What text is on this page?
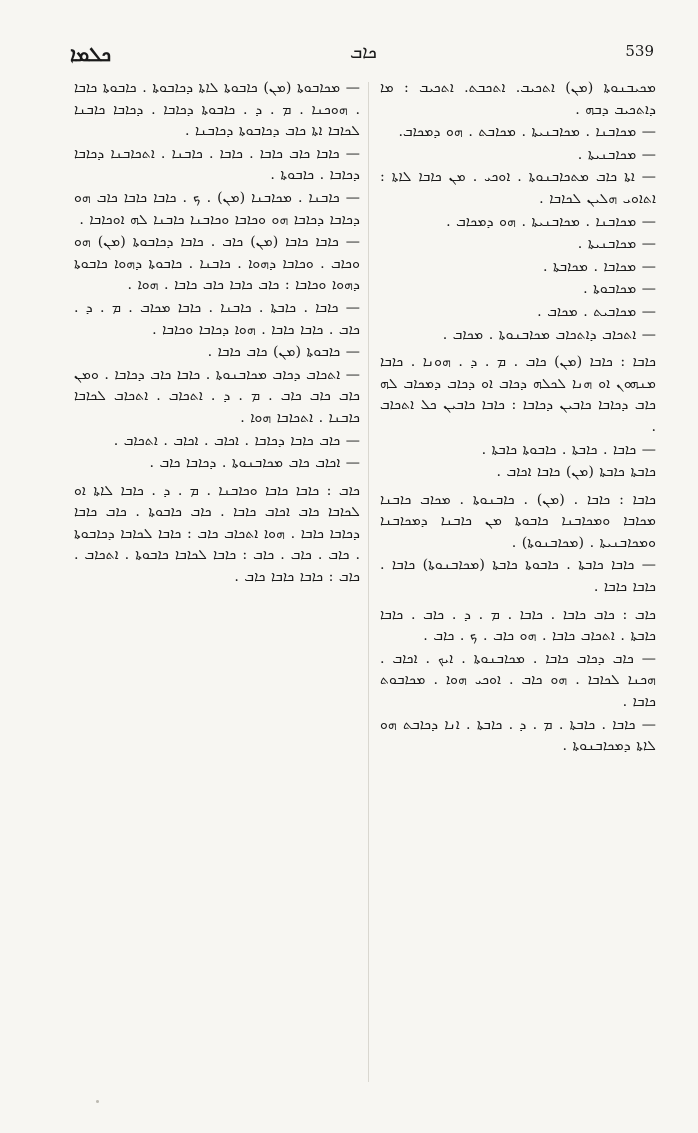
ܟܠܡܐ	ܟܐܒ	539

ܡܟܝܒܢܘܬܐ (ܡܢ) ܐܬܟܝܒ. ܐܬܟܒܬ. ܐܬܟܝܒ : ܡܐ ܕܐܬܟܝܒ ܕܒܗ .

— ܡܟܐܒܢܐ . ܡܟܐܒܢܝܬܐ . ܡܟܐܒܬ . ܗܘ ܕܡܟܐܒ.

— ܡܟܐܒܢܝܬܐ .

— ܐܬܐ ܟܐܒ ܡܬܟܐܒܢܘܬܐ . ܐܘܟܝ . ܡܢ ܟܐܒܐ ܠܐܬܐ : ܐܬܐܘܝ ܗܠܝܢ ܠܟܐܒܐ .

— ܡܟܐܒܢܐ . ܡܟܐܒܢܝܬܐ . ܗܘ ܕܡܟܐܒ .

— ܡܟܐܒܢܝܬܐ .

— ܡܟܐܒܐ . ܡܟܐܒܬܐ .

— ܡܟܐܒܘܬܐ .

— ܡܟܐܒܝܬ . ܡܟܐܒ .

— ܐܬܟܐܒ ܕܐܬܟܐܒ ܡܟܐܒܢܘܬܐ . ܡܟܐܒ .

ܟܐܒܐ : ܟܐܒܐ (ܡܢ) ܟܐܒ . ܡ . ܕ . ܗܘܢܐ . ܟܐܒܐ ܡܢܗܘܢ ܐܘ ܗܢܐ ܠܟܠܗ ܕܟܐܒ ܐܘ ܕܟܐܒ ܕܡܟܐܒ ܠܗ ܟܐܒ ܕܟܐܒܐ ܟܐܒܝܢ ܕܟܐܒܐ : ܟܐܒܐ ܟܐܒܝܢ ܟܠ ܐܬܟܐܒ .

— ܟܐܒܐ . ܟܐܒܬܐ . ܟܐܒܘܬܐ ܟܐܒܬܐ .

ܟܐܒܬܐ ܟܐܒܬܐ (ܡܢ) ܟܐܒܐ ܐܟܐܒ .

ܟܐܒܐ : ܟܐܒܐ . (ܡܢ) . ܟܐܒܢܘܬܐ . ܡܟܐܒ ܟܐܒܢܐ ܡܟܐܒܐ ܘܡܟܐܒܢܐ ܟܐܒܘܬܐ ܡܢ ܟܐܒܢܐ ܕܡܟܐܒܢܐ ܘܡܟܐܒܢܝܬܐ . (ܡܟܐܒܢܘܬܐ) .

— ܟܐܒܐ ܟܐܒܬܐ . ܟܐܒܘܬܐ ܟܐܒܬܐ (ܡܟܐܒܢܘܬܐ) ܟܐܒܐ . ܟܐܒܐ ܟܐܒܐ .

ܟܐܒ : ܟܐܒ ܟܐܒܐ . ܟܐܒܐ . ܡ . ܕ . ܟܐܒ . ܟܐܒܐ ܟܐܒܬܐ . ܐܬܟܐܒ ܟܐܒܐ . ܗܘ ܟܐܒ . ܟ . ܟܐܒ .

— ܟܐܒ ܕܟܐܒ ܟܐܒܐ . ܡܟܐܒܢܘܬܐ . ܐܝܟ . ܐܟܐܒ . ܗܟܢܐ ܠܟܐܒܐ . ܗܘ ܟܐܒ . ܐܘܟܝ ܗܘܐ . ܡܟܐܒܘܬ ܟܐܒܐ .

— ܟܐܒܐ . ܟܐܒܬܐ . ܡ . ܕ . ܟܐܒܬܐ . ܐܢܐ ܕܟܐܒܬ ܗܘ ܠܐܬܐ ܕܡܟܐܒܢܘܬܐ .

— ܡܟܐܒܘܬܐ (ܡܢ) ܟܐܒܘܬܐ ܠܐܬܐ ܕܟܐܒܘܬܐ . ܟܐܒܘܬܐ ܟܐܒܐ . ܗܘܟܢܐ . ܡ . ܕ . ܟܐܒܘܬܐ ܕܟܐܒܐ . ܕܟܐܒܐ ܟܐܒܢܐ ܠܟܐܒܐ ܐܬܐ ܟܐܒ ܕܟܐܒܘܬܐ ܕܟܐܒܢܐ .

— ܟܐܒܐ ܟܐܒ ܟܐܒܐ . ܟܐܒܐ . ܟܐܒܢܐ . ܐܬܟܐܒܢܐ ܕܟܐܒܐ ܕܟܐܒܐ . ܟܐܒܘܬܐ .

— ܟܐܒܢܐ . ܡܟܐܒܢܐ (ܡܢ) . ܟ . ܟܐܒܐ ܟܐܒܐ ܟܐܒ ܗܘ ܕܟܐܒܐ ܕܟܐܒܐ ܗܘ ܘܟܐܒܐ ܘܟܐܒܢܐ ܟܐܒܢܐ ܠܗ ܐܘܟܐܒܐ .

— ܟܐܒܐ ܟܐܒܐ (ܡܢ) ܟܐܒ . ܟܐܒܐ ܕܟܐܒܘܬܐ (ܡܢ) ܗܘ ܘܟܐܒ . ܘܟܐܒܐ ܕܗܘܐ . ܟܐܒܢܐ . ܟܐܒܘܬܐ ܕܗܘܐ ܟܐܒܘܬܐ ܕܗܘܐ ܘܟܐܒܐ : ܟܐܒ ܟܐܒܐ ܟܐܒ ܟܐܒܐ . ܗܘܐ .

— ܟܐܒܐ . ܟܐܒܬܐ . ܟܐܒܢܐ . ܟܐܒܐ ܡܟܐܒ . ܡ . ܕ . ܟܐܒ . ܟܐܒܐ ܟܐܒܐ . ܗܘܐ ܕܟܐܒܐ ܘܟܐܒܐ .

— ܟܐܒܘܬܐ (ܡܢ) ܟܐܒ ܟܐܒܐ .

— ܐܬܟܐܒ ܕܟܐܒ ܡܟܐܒܢܘܬܐ . ܟܐܒܐ ܟܐܒ ܕܟܐܒܐ . ܘܡܢ ܟܐܒ ܟܐܒ ܟܐܒ . ܡ . ܕ . ܐܬܟܐܒ . ܐܬܟܐܒ ܠܟܐܒܐ ܟܐܒܢܐ . ܐܬܟܐܒܐ ܗܘܐ .

— ܟܐܒ ܟܐܒܐ ܕܟܐܒܐ . ܐܟܐܒ . ܐܟܐܒ . ܐܬܟܐܒ .

— ܐܟܐܒ ܟܐܒ ܡܟܐܒܢܘܬܐ . ܕܟܐܒܐ ܟܐܒ .

ܟܐܒ : ܟܐܒܐ ܟܐܒܐ ܘܟܐܒܢܐ . ܡ . ܕ . ܟܐܒܐ ܠܐܬܐ ܐܘ ܠܟܐܒܐ ܟܐܒ ܐܟܐܒ ܟܐܒܐ . ܟܐܒ ܟܐܒܘܬܐ . ܟܐܒ ܟܐܒܐ ܕܟܐܒܐ ܟܐܒܐ . ܗܘܐ ܐܬܟܐܒ ܟܐܒ : ܟܐܒܐ ܠܟܐܒܐ ܕܟܐܒܘܬܐ . ܟܐܒ . ܟܐܒ . ܟܐܒ : ܟܐܒܐ ܠܟܐܒܐ ܟܐܒܘܬܐ . ܐܬܟܐܒ . ܟܐܒ : ܟܐܒܐ ܟܐܒܐ ܟܐܒ .
